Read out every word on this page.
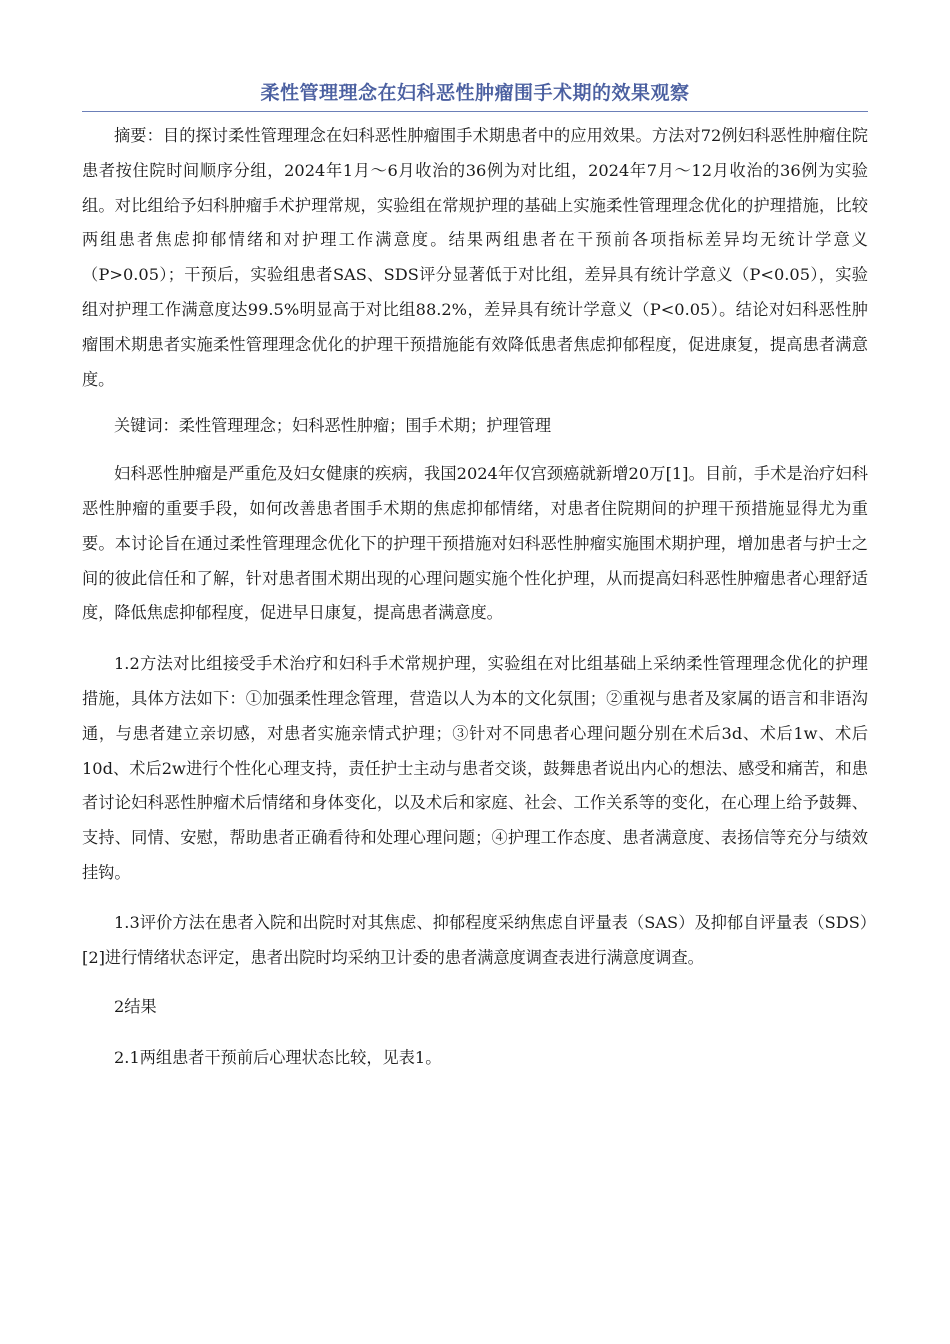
柔性管理理念在妇科恶性肿瘤围手术期的效果观察

摘要：目的探讨柔性管理理念在妇科恶性肿瘤围手术期患者中的应用效果。方法对72例妇科恶性肿瘤住院患者按住院时间顺序分组，2024年1月～6月收治的36例为对比组，2024年7月～12月收治的36例为实验组。对比组给予妇科肿瘤手术护理常规，实验组在常规护理的基础上实施柔性管理理念优化的护理措施，比较两组患者焦虑抑郁情绪和对护理工作满意度。结果两组患者在干预前各项指标差异均无统计学意义（P>0.05）；干预后，实验组患者SAS、SDS评分显著低于对比组，差异具有统计学意义（P<0.05），实验组对护理工作满意度达99.5%明显高于对比组88.2%，差异具有统计学意义（P<0.05）。结论对妇科恶性肿瘤围术期患者实施柔性管理理念优化的护理干预措施能有效降低患者焦虑抑郁程度，促进康复，提高患者满意度。

关键词：柔性管理理念；妇科恶性肿瘤；围手术期；护理管理

妇科恶性肿瘤是严重危及妇女健康的疾病，我国2024年仅宫颈癌就新增20万[1]。目前，手术是治疗妇科恶性肿瘤的重要手段，如何改善患者围手术期的焦虑抑郁情绪，对患者住院期间的护理干预措施显得尤为重要。本讨论旨在通过柔性管理理念优化下的护理干预措施对妇科恶性肿瘤实施围术期护理，增加患者与护士之间的彼此信任和了解，针对患者围术期出现的心理问题实施个性化护理，从而提高妇科恶性肿瘤患者心理舒适度，降低焦虑抑郁程度，促进早日康复，提高患者满意度。

1.2方法对比组接受手术治疗和妇科手术常规护理，实验组在对比组基础上采纳柔性管理理念优化的护理措施，具体方法如下：①加强柔性理念管理，营造以人为本的文化氛围；②重视与患者及家属的语言和非语沟通，与患者建立亲切感，对患者实施亲情式护理；③针对不同患者心理问题分别在术后3d、术后1w、术后10d、术后2w进行个性化心理支持，责任护士主动与患者交谈，鼓舞患者说出内心的想法、感受和痛苦，和患者讨论妇科恶性肿瘤术后情绪和身体变化，以及术后和家庭、社会、工作关系等的变化，在心理上给予鼓舞、支持、同情、安慰，帮助患者正确看待和处理心理问题；④护理工作态度、患者满意度、表扬信等充分与绩效挂钩。

1.3评价方法在患者入院和出院时对其焦虑、抑郁程度采纳焦虑自评量表（SAS）及抑郁自评量表（SDS）[2]进行情绪状态评定，患者出院时均采纳卫计委的患者满意度调查表进行满意度调查。

2结果

2.1两组患者干预前后心理状态比较，见表1。
